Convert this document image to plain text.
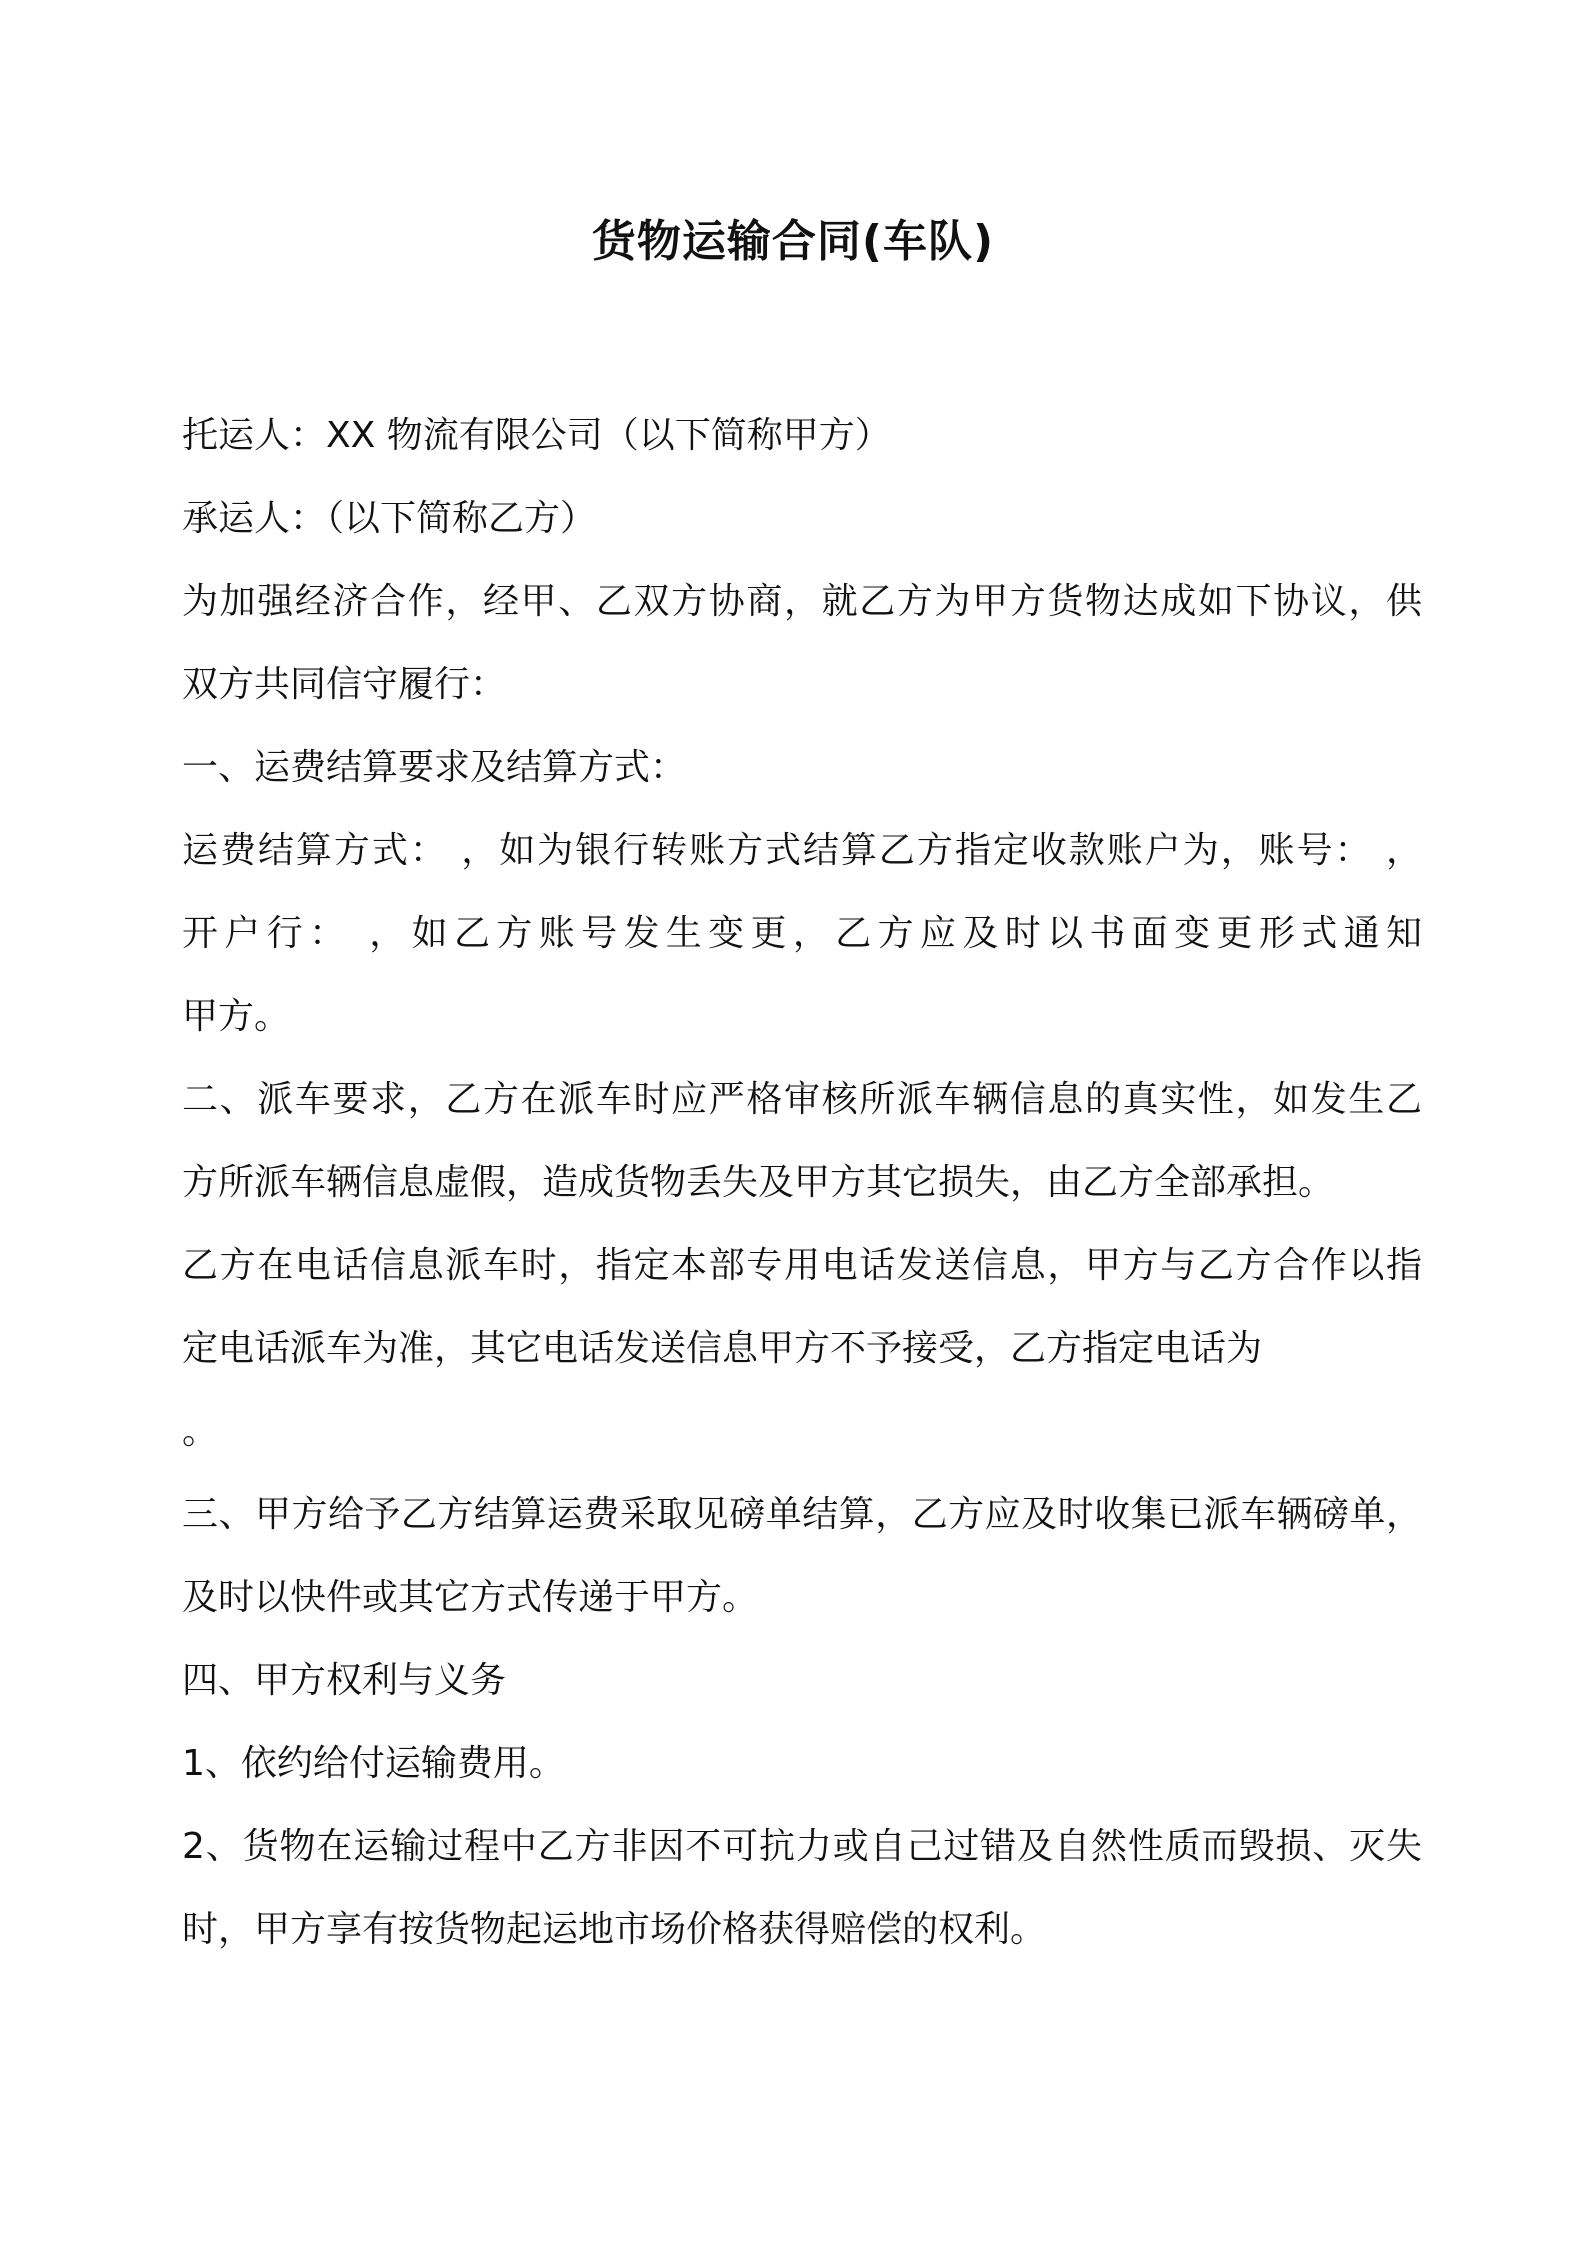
货物运输合同(车队)
托运人：XX 物流有限公司（以下简称甲方）
承运人：（以下简称乙方）
为加强经济合作，经甲、乙双方协商，就乙方为甲方货物达成如下协议，供
双方共同信守履行：
一、运费结算要求及结算方式：
运费结算方式： ，如为银行转账方式结算乙方指定收款账户为，账号： ，
开户行： ，如乙方账号发生变更，乙方应及时以书面变更形式通知
甲方。
二、派车要求，乙方在派车时应严格审核所派车辆信息的真实性，如发生乙
方所派车辆信息虚假，造成货物丢失及甲方其它损失，由乙方全部承担。
乙方在电话信息派车时，指定本部专用电话发送信息，甲方与乙方合作以指
定电话派车为准，其它电话发送信息甲方不予接受，乙方指定电话为
。
三、甲方给予乙方结算运费采取见磅单结算，乙方应及时收集已派车辆磅单，
及时以快件或其它方式传递于甲方。
四、甲方权利与义务
1、依约给付运输费用。
2、货物在运输过程中乙方非因不可抗力或自己过错及自然性质而毁损、灭失
时，甲方享有按货物起运地市场价格获得赔偿的权利。
